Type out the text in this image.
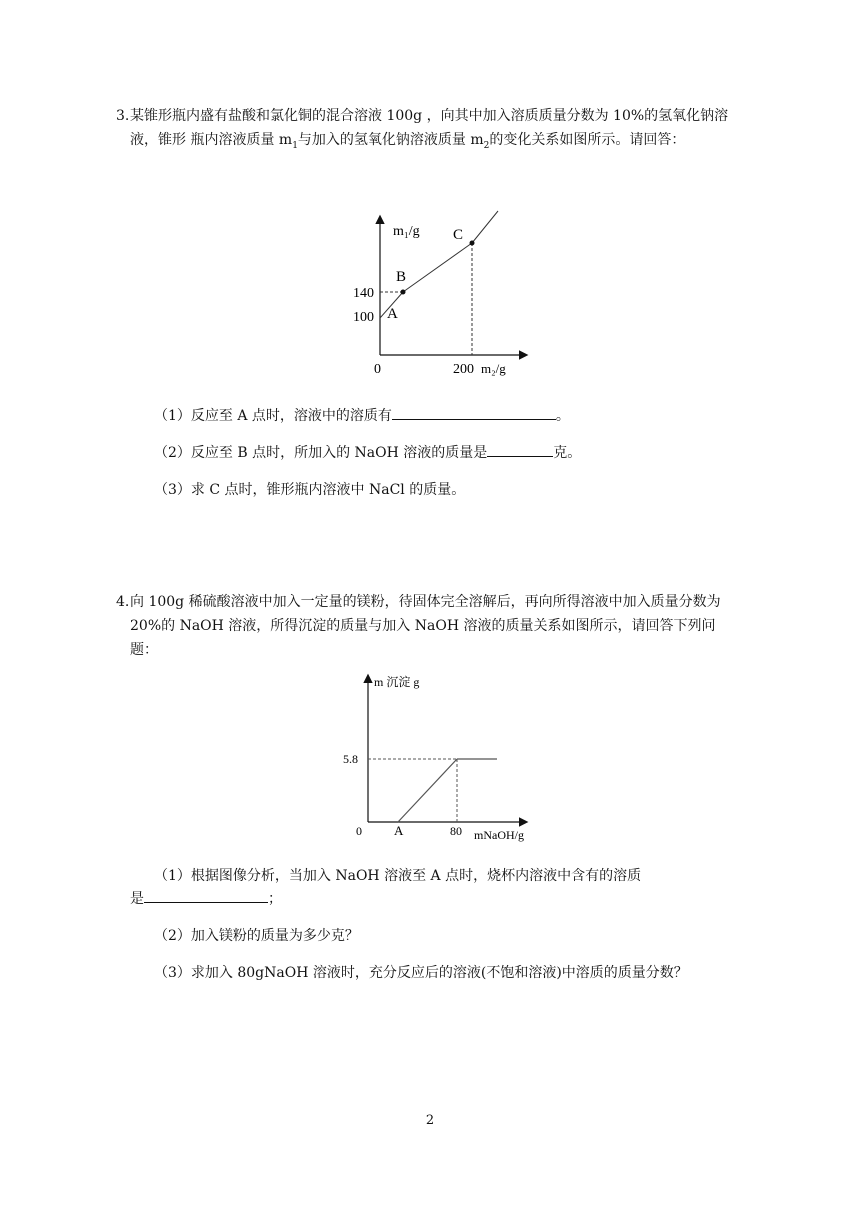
3. 某锥形瓶内盛有盐酸和氯化铜的混合溶液 100g ，向其中加入溶质质量分数为 10%的氢氧化钠溶液，锥形 瓶内溶液质量 $m_1$与加入的氢氧化钠溶液质量 $m_2$的变化关系如图所示。请回答：
m₁/g C
B
A
140
100
0	200 m₂/g
（1）反应至 A 点时，溶液中的溶质有	。
（2）反应至 B 点时，所加入的 NaOH 溶液的质量是	克。
（3）求 C 点时，锥形瓶内溶液中 NaCl 的质量。
4. 向 100g 稀硫酸溶液中加入一定量的镁粉，待固体完全溶解后，再向所得溶液中加入质量分数为 20%的 NaOH 溶液，所得沉淀的质量与加入 NaOH 溶液的质量关系如图所示，请回答下列问题：
m 沉淀 g
5.8
0 A	80 mNaOH/g
（1）根据图像分析，当加入 NaOH 溶液至 A 点时，烧杯内溶液中含有的溶质
是	；
（2）加入镁粉的质量为多少克？
（3）求加入 80gNaOH 溶液时，充分反应后的溶液(不饱和溶液)中溶质的质量分数？
2
